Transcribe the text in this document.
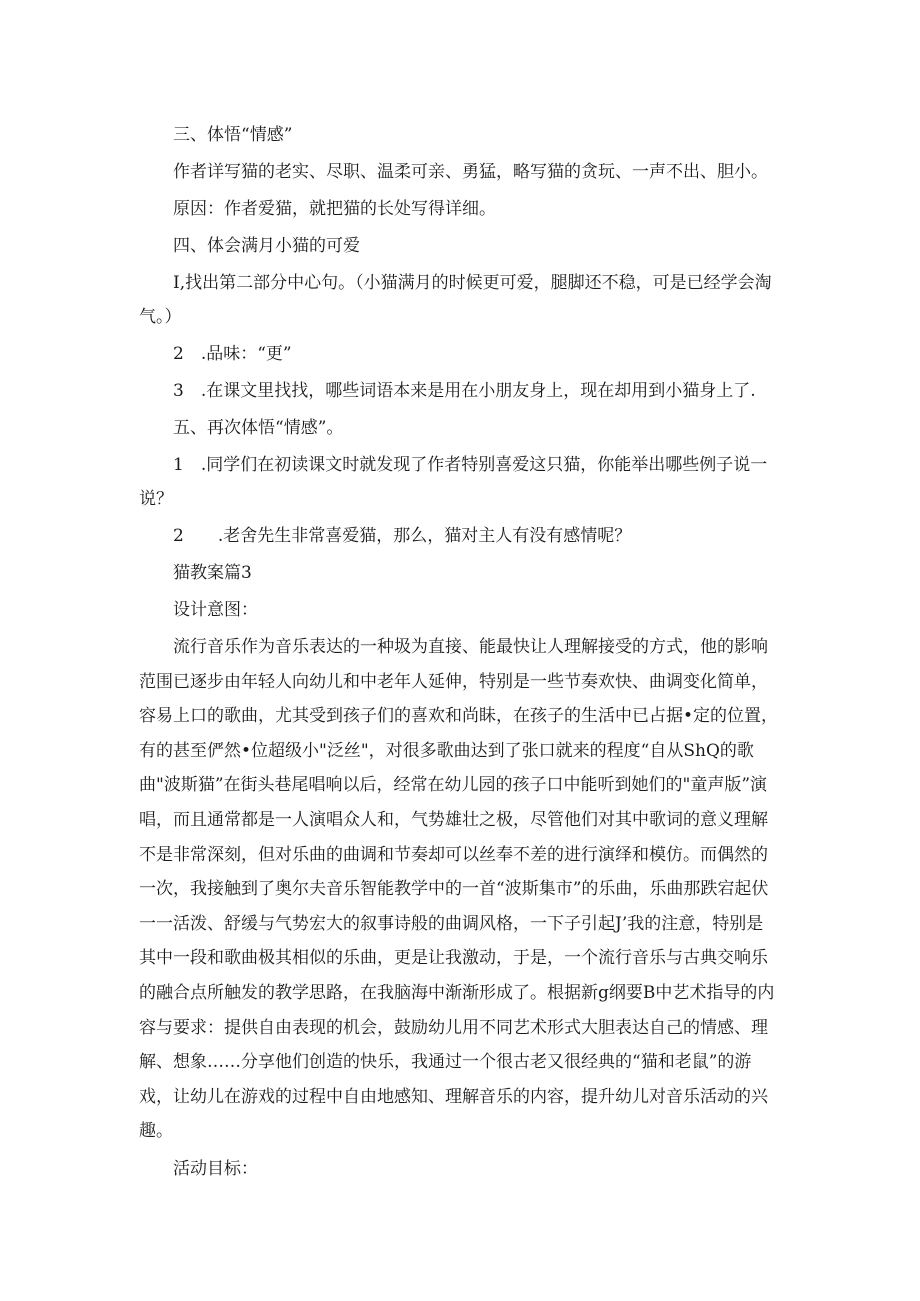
三、体悟“情感”

作者详写猫的老实、尽职、温柔可亲、勇猛，略写猫的贪玩、一声不出、胆小。

原因：作者爱猫，就把猫的长处写得详细。

四、体会满月小猫的可爱

I,找出第二部分中心句。（小猫满月的时候更可爱，腿脚还不稳，可是已经学会淘气。）

2　.品味：“更”

3　.在课文里找找，哪些词语本来是用在小朋友身上，现在却用到小猫身上了.

五、再次体悟“情感”。

1　.同学们在初读课文时就发现了作者特别喜爱这只猫，你能举出哪些例子说一说？

2　　.老舍先生非常喜爱猫，那么，猫对主人有没有感情呢？

猫教案篇3

设计意图：

流行音乐作为音乐表达的一种圾为直接、能最快让人理解接受的方式，他的影响范围已逐步由年轻人向幼儿和中老年人延伸，特别是一些节奏欢快、曲调变化简单，容易上口的歌曲，尤其受到孩子们的喜欢和尚眛，在孩子的生活中已占据•定的位置，有的甚至俨然•位超级小"泛丝"，对很多歌曲达到了张口就来的程度“自从ShQ的歌曲"波斯猫”在街头巷尾唱响以后，经常在幼儿园的孩子口中能听到她们的"童声版”演唱，而且通常都是一人演唱众人和，气势雄壮之极，尽管他们对其中歌词的意义理解不是非常深刻，但对乐曲的曲调和节奏却可以丝奉不差的进行演绎和模仿。而偶然的一次，我接触到了奥尔夫音乐智能教学中的一首“波斯集市”的乐曲，乐曲那跌宕起伏一一活泼、舒缓与气势宏大的叙事诗般的曲调风格，一下子引起J’我的注意，特别是其中一段和歌曲极其相似的乐曲，更是让我激动，于是，一个流行音乐与古典交响乐的融合点所触发的教学思路，在我脑海中渐渐形成了。根据新g纲要B中艺术指导的内容与要求：提供自由表现的机会，鼓励幼儿用不同艺术形式大胆表达自己的情感、理解、想象……分享他们创造的快乐，我通过一个很古老又很经典的“猫和老鼠”的游戏，让幼儿在游戏的过程中自由地感知、理解音乐的内容，提升幼儿对音乐活动的兴趣。

活动目标：
